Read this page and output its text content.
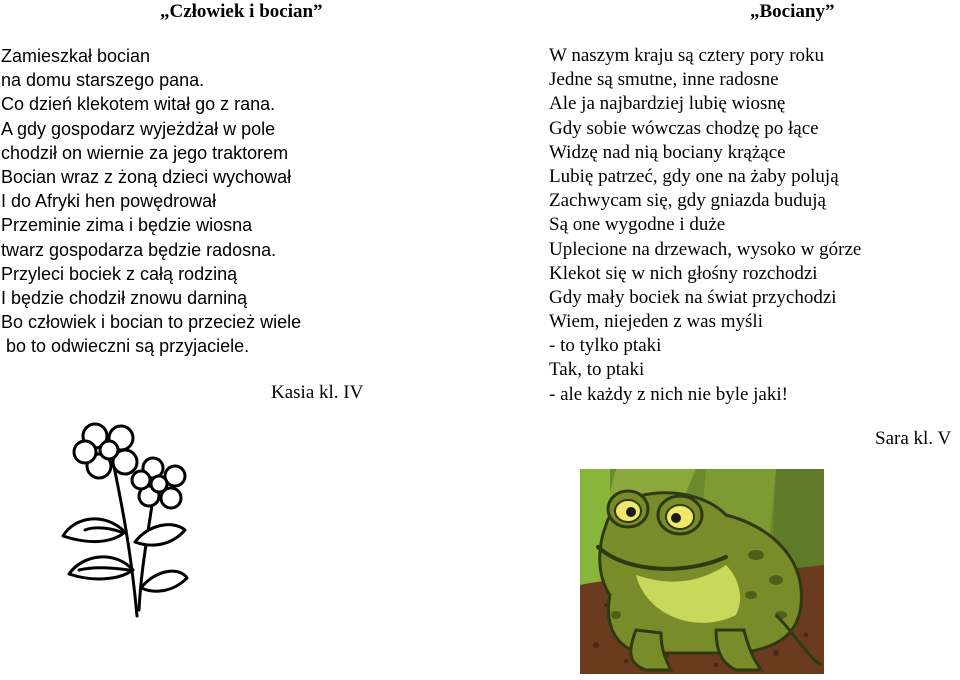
„Człowiek i bocian”	„Bociany”
Zamieszkał bocian
na domu starszego pana.
Co dzień klekotem witał go z rana.
A gdy gospodarz wyjeżdżał w pole
chodził on wiernie za jego traktorem
Bocian wraz z żoną dzieci wychował
I do Afryki hen powędrował
Przeminie zima i będzie wiosna
twarz gospodarza będzie radosna.
Przyleci bociek z całą rodziną
I będzie chodził znowu darniną
Bo człowiek i bocian to przecież wiele
bo to odwieczni są przyjaciele.
W naszym kraju są cztery pory roku
Jedne są smutne, inne radosne
Ale ja najbardziej lubię wiosnę
Gdy sobie wówczas chodzę po łące
Widzę nad nią bociany krążące
Lubię patrzeć, gdy one na żaby polują
Zachwycam się, gdy gniazda budują
Są one wygodne i duże
Uplecione na drzewach, wysoko w górze
Klekot się w nich głośny rozchodzi
Gdy mały bociek na świat przychodzi
Wiem, niejeden z was myśli
- to tylko ptaki
Tak, to ptaki
- ale każdy z nich nie byle jaki!
Kasia kl. IV
Sara kl. V
